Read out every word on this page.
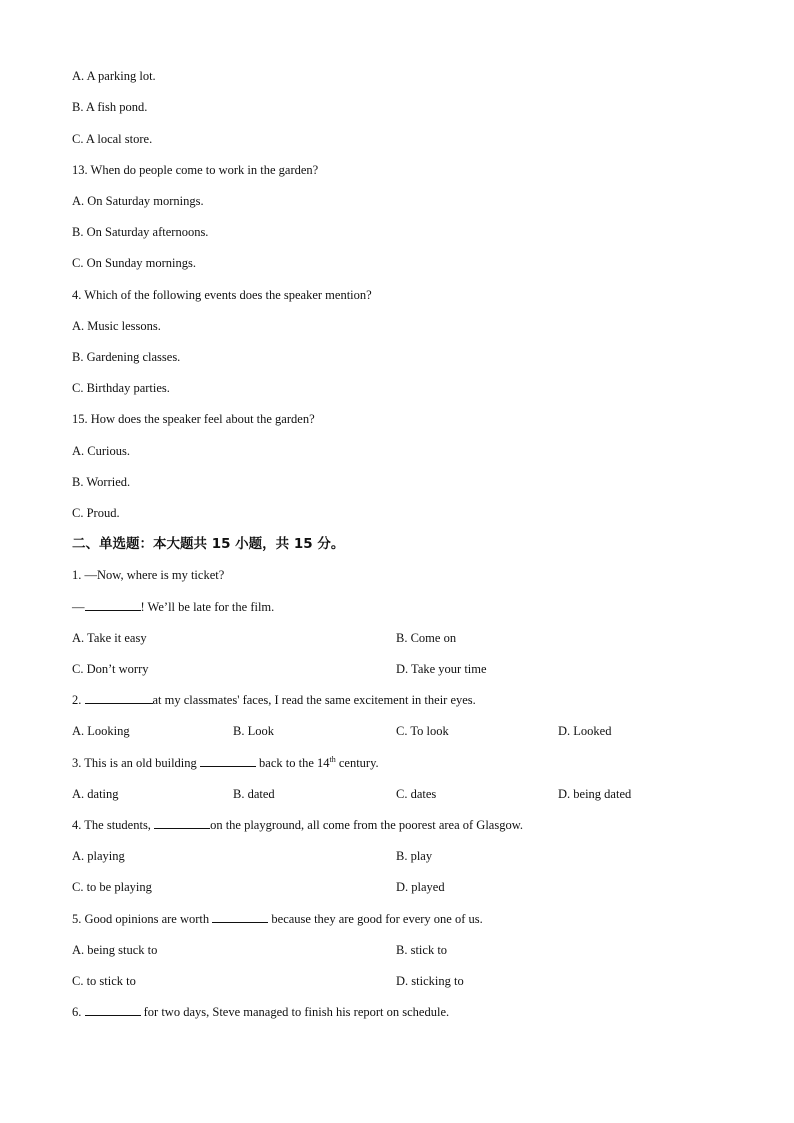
A. A parking lot.
B. A fish pond.
C. A local store.
13. When do people come to work in the garden?
A. On Saturday mornings.
B. On Saturday afternoons.
C. On Sunday mornings.
4. Which of the following events does the speaker mention?
A. Music lessons.
B. Gardening classes.
C. Birthday parties.
15. How does the speaker feel about the garden?
A. Curious.
B. Worried.
C. Proud.
二、单选题：本大题共 15 小题，共 15 分。
1. —Now, where is my ticket?
—	! We’ll be late for the film.
A. Take it easy	B. Come on
C. Don’t worry	D. Take your time
2.	at my classmates' faces, I read the same excitement in their eyes.
A. Looking	B. Look	C. To look	D. Looked
3. This is an old building	back to the 14th century.
A. dating	B. dated	C. dates	D. being dated
4. The students,	on the playground, all come from the poorest area of Glasgow.
A. playing	B. play
C. to be playing	D. played
5. Good opinions are worth	because they are good for every one of us.
A. being stuck to	B. stick to
C. to stick to	D. sticking to
6.	for two days, Steve managed to finish his report on schedule.
